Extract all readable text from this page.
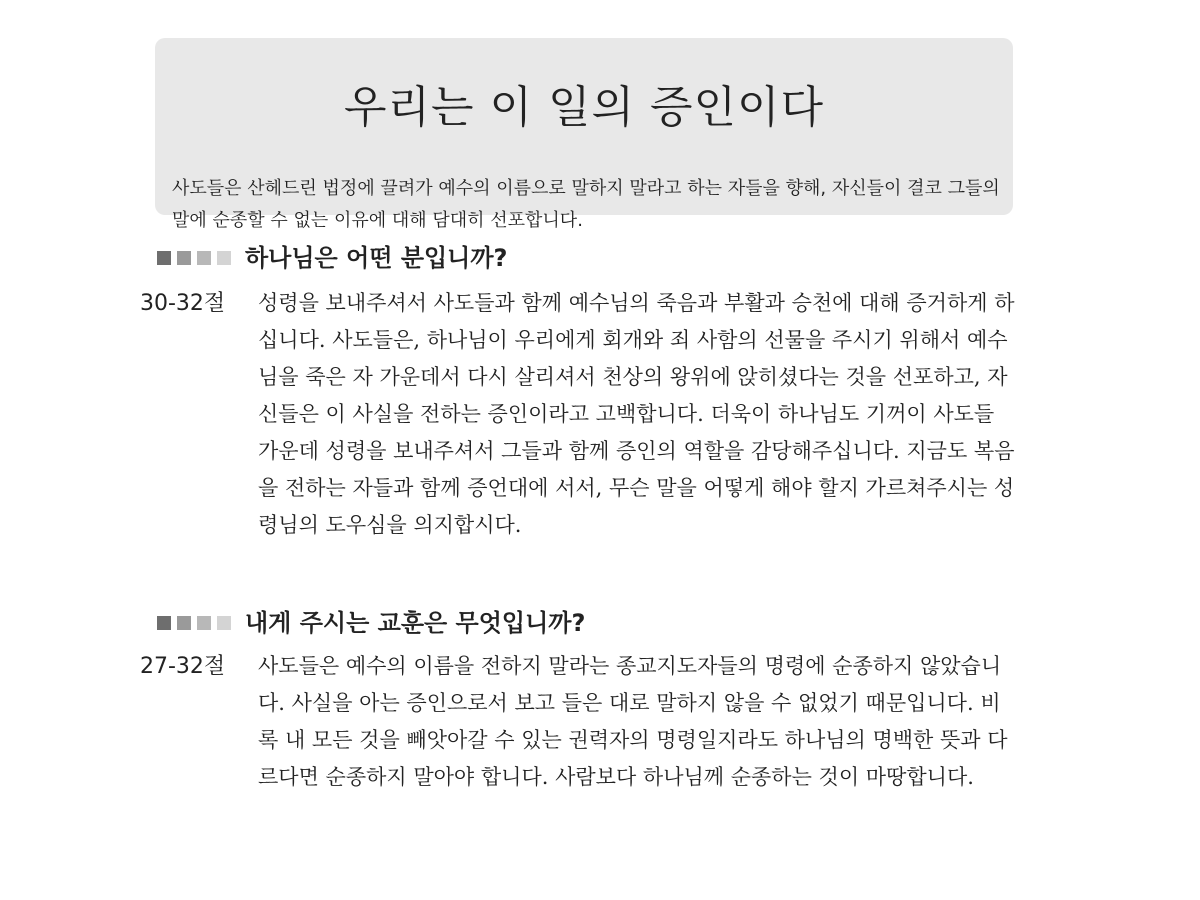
우리는 이 일의 증인이다
사도들은 산헤드린 법정에 끌려가 예수의 이름으로 말하지 말라고 하는 자들을 향해, 자신들이 결코 그들의 말에 순종할 수 없는 이유에 대해 담대히 선포합니다.
하나님은 어떤 분입니까?
30-32절	성령을 보내주셔서 사도들과 함께 예수님의 죽음과 부활과 승천에 대해 증거하게 하십니다. 사도들은, 하나님이 우리에게 회개와 죄 사함의 선물을 주시기 위해서 예수님을 죽은 자 가운데서 다시 살리셔서 천상의 왕위에 앉히셨다는 것을 선포하고, 자신들은 이 사실을 전하는 증인이라고 고백합니다. 더욱이 하나님도 기꺼이 사도들 가운데 성령을 보내주셔서 그들과 함께 증인의 역할을 감당해주십니다. 지금도 복음을 전하는 자들과 함께 증언대에 서서, 무슨 말을 어떻게 해야 할지 가르쳐주시는 성령님의 도우심을 의지합시다.
내게 주시는 교훈은 무엇입니까?
27-32절	사도들은 예수의 이름을 전하지 말라는 종교지도자들의 명령에 순종하지 않았습니다. 사실을 아는 증인으로서 보고 들은 대로 말하지 않을 수 없었기 때문입니다. 비록 내 모든 것을 빼앗아갈 수 있는 권력자의 명령일지라도 하나님의 명백한 뜻과 다르다면 순종하지 말아야 합니다. 사람보다 하나님께 순종하는 것이 마땅합니다.
